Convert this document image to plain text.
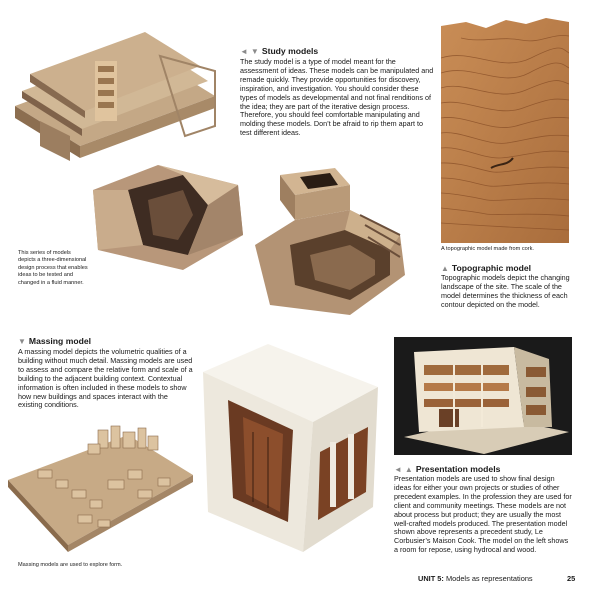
◄ ▼ Study models

The study model is a type of model meant for the assessment of ideas. These models can be manipulated and remade quickly. They provide opportunities for discovery, inspiration, and investigation. You should consider these types of models as developmental and not final renditions of the idea; they are part of the iterative design process. Therefore, you should feel comfortable manipulating and molding these models. Don’t be afraid to rip them apart to test different ideas.

This series of models depicts a three-dimensional design process that enables ideas to be tested and changed in a fluid manner.

A topographic model made from cork.

▲ Topographic model

Topographic models depict the changing landscape of the site. The scale of the model determines the thickness of each contour depicted on the model.

▼ Massing model

A massing model depicts the volumetric qualities of a building without much detail. Massing models are used to assess and compare the relative form and scale of a building to the adjacent building context. Contextual information is often included in these models to show how new buildings and spaces interact with the existing conditions.

Massing models are used to explore form.

◄ ▲ Presentation models

Presentation models are used to show final design ideas for either your own projects or studies of other precedent examples. In the profession they are used for client and community meetings. These models are not about process but product; they are usually the most well-crafted models produced. The presentation model shown above represents a precedent study, Le Corbusier’s Maison Cook. The model on the left shows a room for repose, using hydrocal and wood.

UNIT 5: Models as representations	25
